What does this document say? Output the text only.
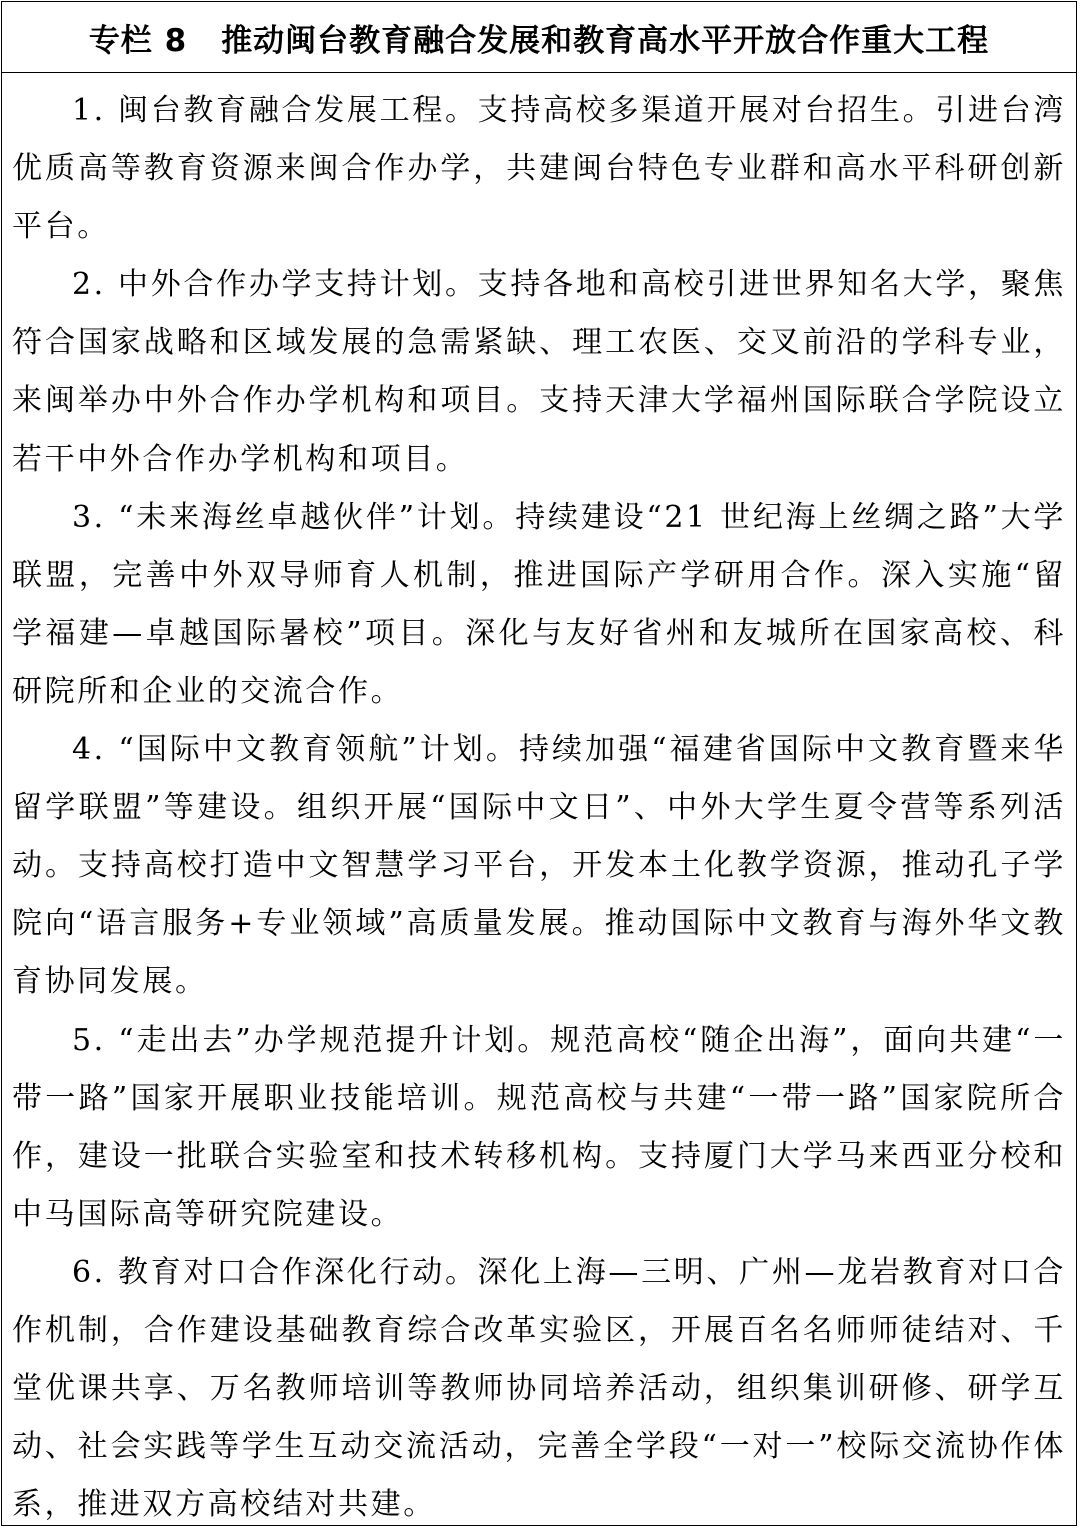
专栏 8 推动闽台教育融合发展和教育高水平开放合作重大工程

1. 闽台教育融合发展工程。支持高校多渠道开展对台招生。引进台湾优质高等教育资源来闽合作办学，共建闽台特色专业群和高水平科研创新平台。

2. 中外合作办学支持计划。支持各地和高校引进世界知名大学，聚焦符合国家战略和区域发展的急需紧缺、理工农医、交叉前沿的学科专业，来闽举办中外合作办学机构和项目。支持天津大学福州国际联合学院设立若干中外合作办学机构和项目。

3. “未来海丝卓越伙伴”计划。持续建设“21 世纪海上丝绸之路”大学联盟，完善中外双导师育人机制，推进国际产学研用合作。深入实施“留学福建—卓越国际暑校”项目。深化与友好省州和友城所在国家高校、科研院所和企业的交流合作。

4. “国际中文教育领航”计划。持续加强“福建省国际中文教育暨来华留学联盟”等建设。组织开展“国际中文日”、中外大学生夏令营等系列活动。支持高校打造中文智慧学习平台，开发本土化教学资源，推动孔子学院向“语言服务+专业领域”高质量发展。推动国际中文教育与海外华文教育协同发展。

5. “走出去”办学规范提升计划。规范高校“随企出海”，面向共建“一带一路”国家开展职业技能培训。规范高校与共建“一带一路”国家院所合作，建设一批联合实验室和技术转移机构。支持厦门大学马来西亚分校和中马国际高等研究院建设。

6. 教育对口合作深化行动。深化上海—三明、广州—龙岩教育对口合作机制，合作建设基础教育综合改革实验区，开展百名名师师徒结对、千堂优课共享、万名教师培训等教师协同培养活动，组织集训研修、研学互动、社会实践等学生互动交流活动，完善全学段“一对一”校际交流协作体系，推进双方高校结对共建。
